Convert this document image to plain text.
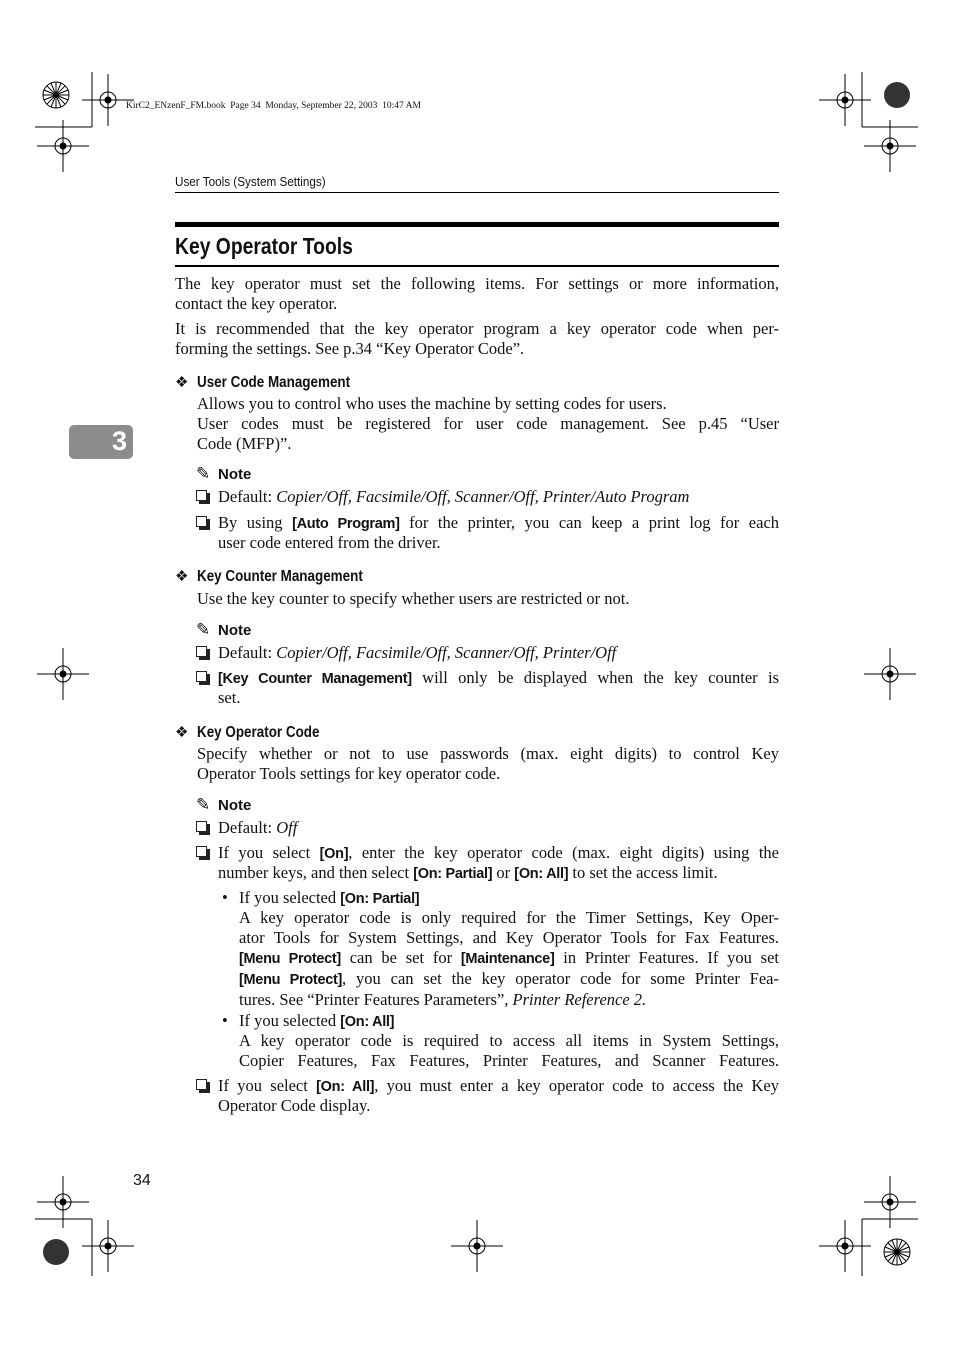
KirC2_ENzenF_FM.book  Page 34  Monday, September 22, 2003  10:47 AM
User Tools (System Settings)
3
Key Operator Tools
The key operator must set the following items. For settings or more information,
contact the key operator.
It is recommended that the key operator program a key operator code when per-
forming the settings. See p.34 “Key Operator Code”.
❖ User Code Management
Allows you to control who uses the machine by setting codes for users.
User codes must be registered for user code management. See p.45 “User
Code (MFP)”.
✎ Note
Default: Copier/Off, Facsimile/Off, Scanner/Off, Printer/Auto Program
By using [Auto Program] for the printer, you can keep a print log for each
user code entered from the driver.
❖ Key Counter Management
Use the key counter to specify whether users are restricted or not.
✎ Note
Default: Copier/Off, Facsimile/Off, Scanner/Off, Printer/Off
[Key Counter Management] will only be displayed when the key counter is
set.
❖ Key Operator Code
Specify whether or not to use passwords (max. eight digits) to control Key
Operator Tools settings for key operator code.
✎ Note
Default: Off
If you select [On], enter the key operator code (max. eight digits) using the
number keys, and then select [On: Partial] or [On: All] to set the access limit.
• If you selected [On: Partial]
A key operator code is only required for the Timer Settings, Key Oper-
ator Tools for System Settings, and Key Operator Tools for Fax Features.
[Menu Protect] can be set for [Maintenance] in Printer Features. If you set
[Menu Protect], you can set the key operator code for some Printer Fea-
tures. See “Printer Features Parameters”, Printer Reference 2.
• If you selected [On: All]
A key operator code is required to access all items in System Settings,
Copier Features, Fax Features, Printer Features, and Scanner Features.
If you select [On: All], you must enter a key operator code to access the Key
Operator Code display.
34
